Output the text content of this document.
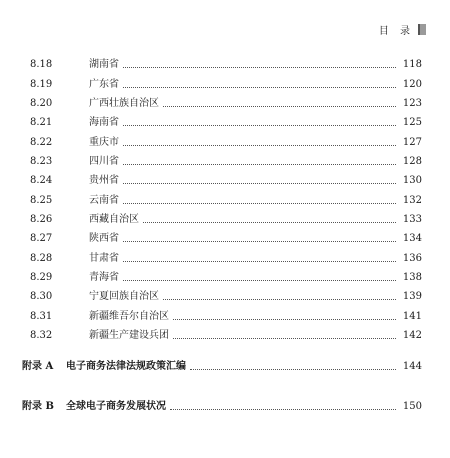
目 录
8.18	湖南省	118
8.19	广东省	120
8.20	广西壮族自治区	123
8.21	海南省	125
8.22	重庆市	127
8.23	四川省	128
8.24	贵州省	130
8.25	云南省	132
8.26	西藏自治区	133
8.27	陕西省	134
8.28	甘肃省	136
8.29	青海省	138
8.30	宁夏回族自治区	139
8.31	新疆维吾尔自治区	141
8.32	新疆生产建设兵团	142
附录 A	电子商务法律法规政策汇编	144
附录 B	全球电子商务发展状况	150
